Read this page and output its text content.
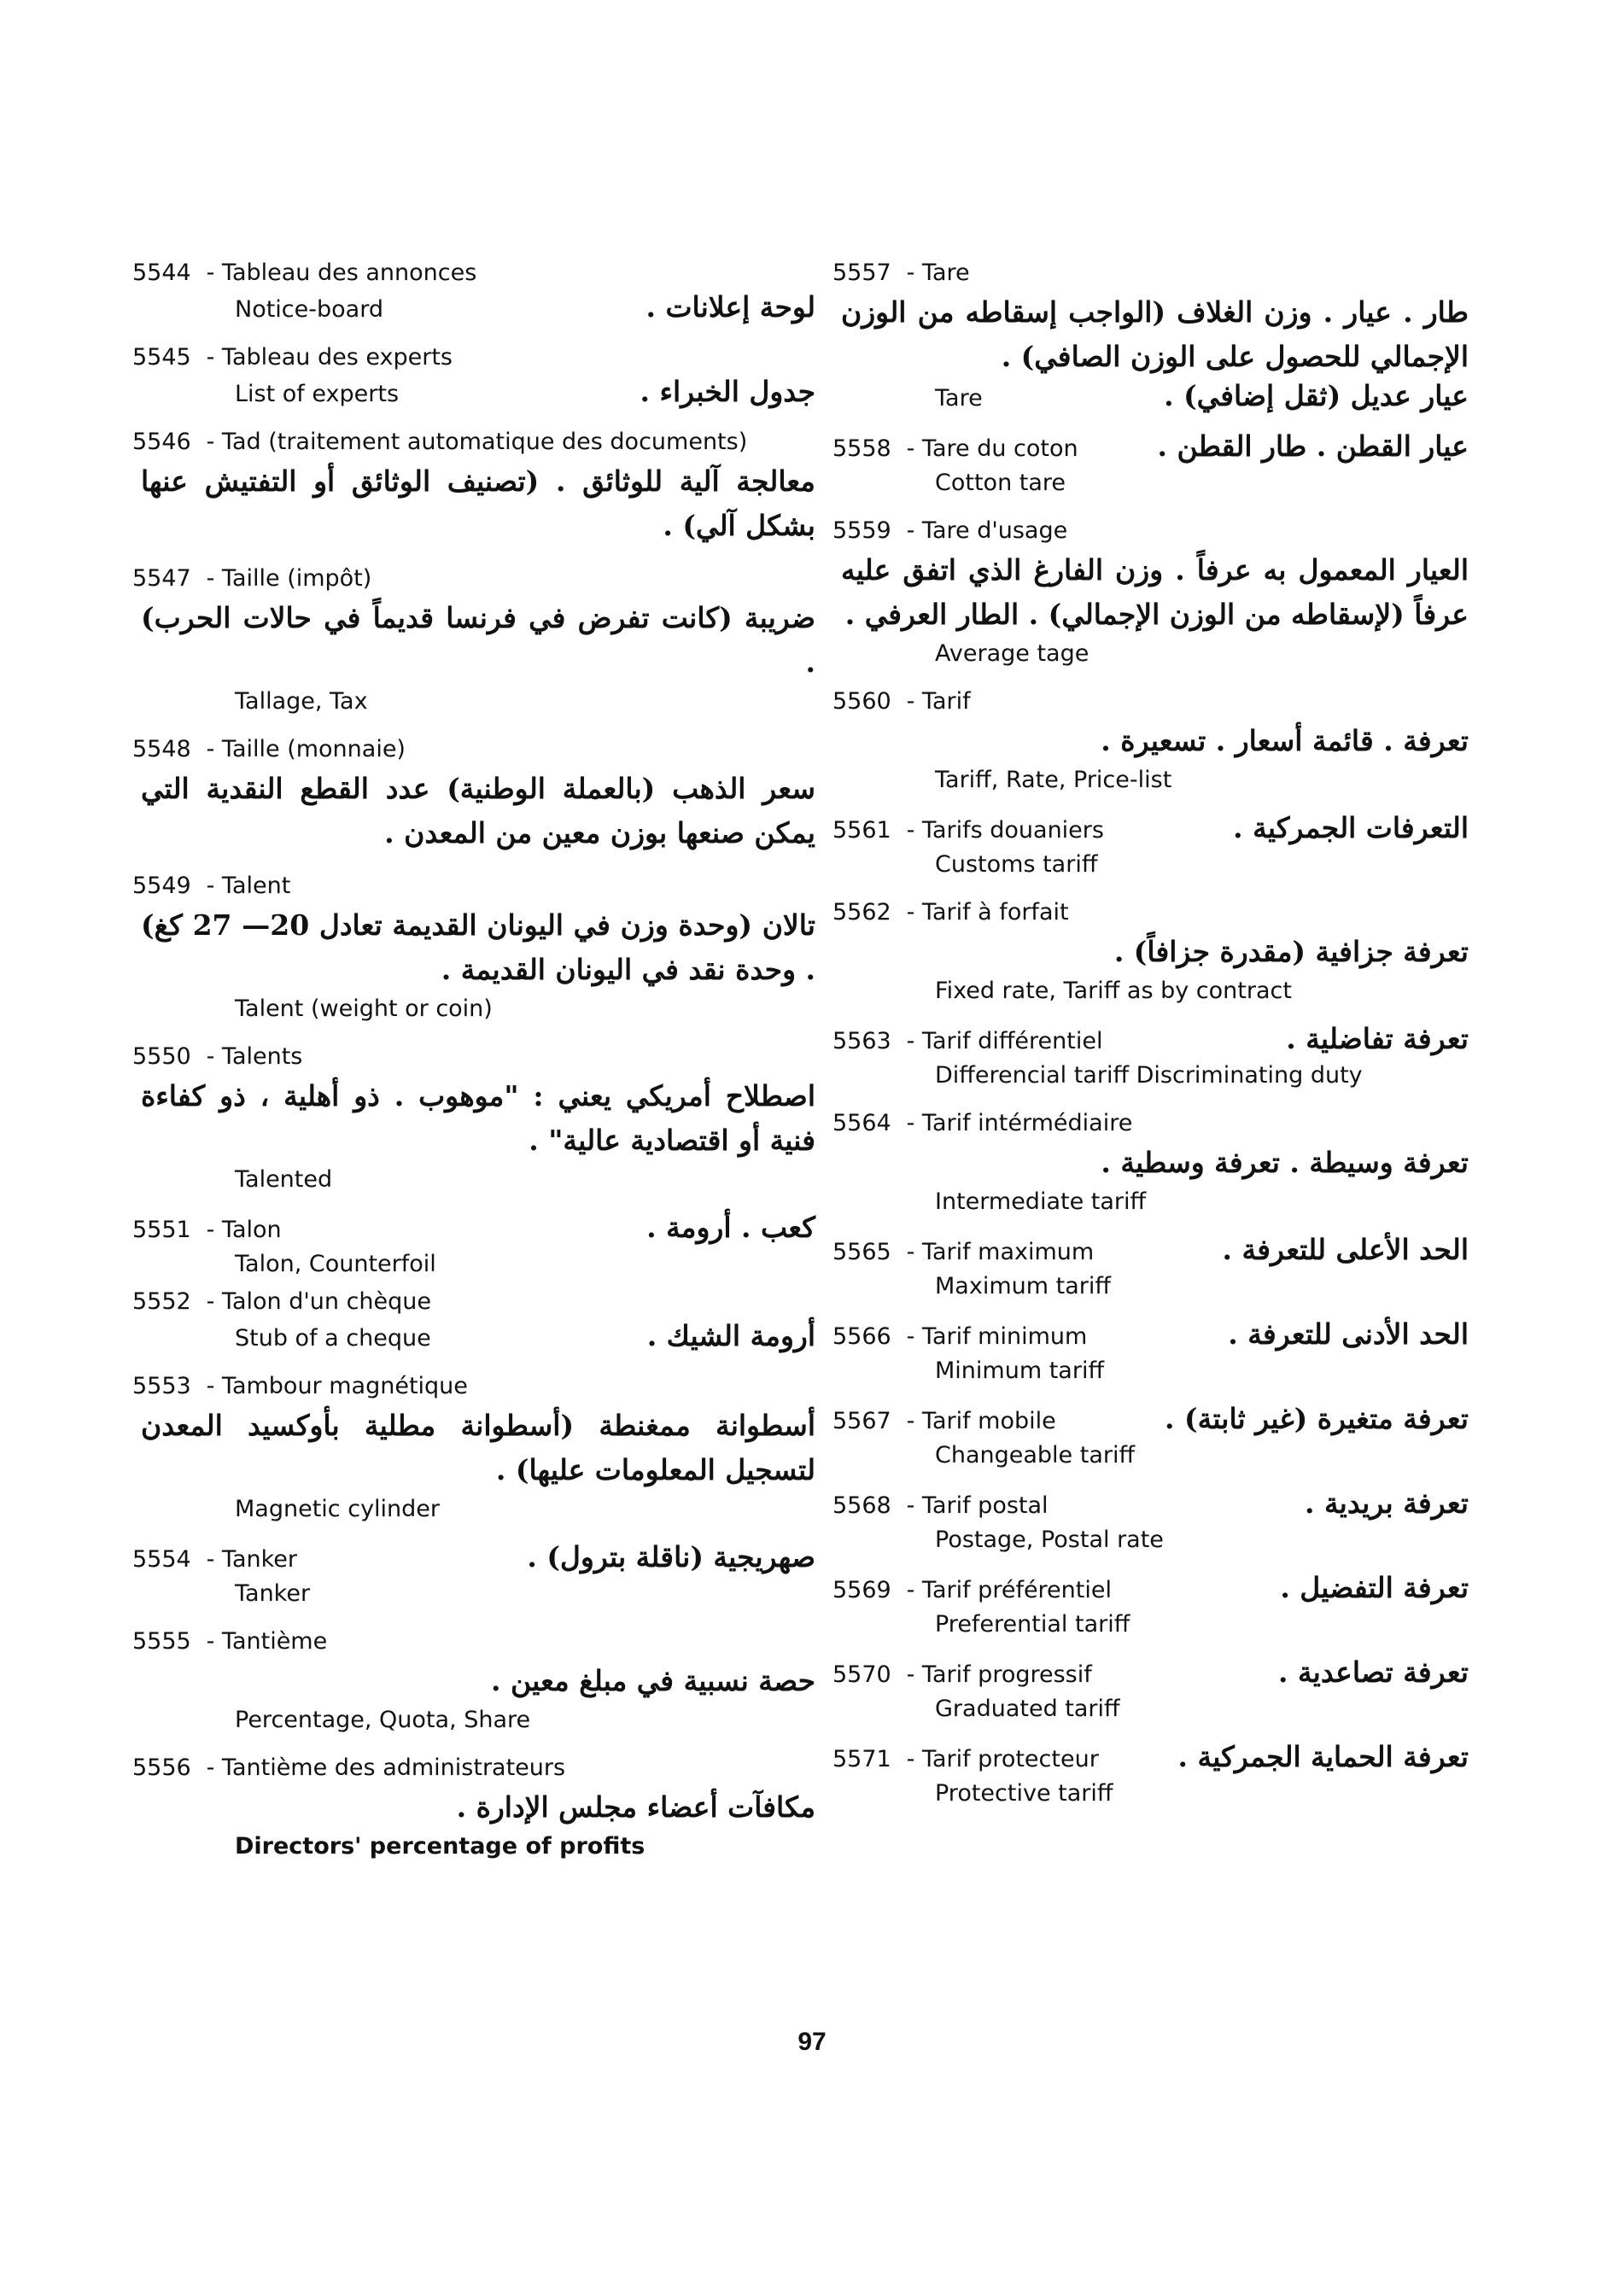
5544 - Tableau des annonces
Notice-board	لوحة إعلانات .
5545 - Tableau des experts
List of experts	جدول الخبراء .
5546 - Tad (traitement automatique des documents)
معالجة آلية للوثائق . (تصنيف الوثائق أو التفتيش عنها بشكل آلي) .
5547 - Taille (impôt)
ضريبة (كانت تفرض في فرنسا قديماً في حالات الحرب) .
Tallage, Tax
5548 - Taille (monnaie)
سعر الذهب (بالعملة الوطنية) عدد القطع النقدية التي يمكن صنعها بوزن معين من المعدن .
5549 - Talent
تالان (وحدة وزن في اليونان القديمة تعادل 20— 27 كغ) . وحدة نقد في اليونان القديمة .
Talent (weight or coin)
5550 - Talents
اصطلاح أمريكي يعني : "موهوب . ذو أهلية ، ذو كفاءة فنية أو اقتصادية عالية" .
Talented
5551 - Talon	كعب . أرومة .
Talon, Counterfoil
5552 - Talon d'un chèque
Stub of a cheque	أرومة الشيك .
5553 - Tambour magnétique
أسطوانة ممغنطة (أسطوانة مطلية بأوكسيد المعدن لتسجيل المعلومات عليها) .
Magnetic cylinder
5554 - Tanker	صهريجية (ناقلة بترول) .
Tanker
5555 - Tantième
حصة نسبية في مبلغ معين .
Percentage, Quota, Share
5556 - Tantième des administrateurs
مكافآت أعضاء مجلس الإدارة .
Directors' percentage of profits
5557 - Tare
طار . عيار . وزن الغلاف (الواجب إسقاطه من الوزن الإجمالي للحصول على الوزن الصافي) .
Tare	عيار عديل (ثقل إضافي) .
5558 - Tare du coton	عيار القطن . طار القطن .
Cotton tare
5559 - Tare d'usage
العيار المعمول به عرفاً . وزن الفارغ الذي اتفق عليه عرفاً (لإسقاطه من الوزن الإجمالي) . الطار العرفي .
Average tage
5560 - Tarif
تعرفة . قائمة أسعار . تسعيرة .
Tariff, Rate, Price-list
5561 - Tarifs douaniers	التعرفات الجمركية .
Customs tariff
5562 - Tarif à forfait
تعرفة جزافية (مقدرة جزافاً) .
Fixed rate, Tariff as by contract
5563 - Tarif différentiel	تعرفة تفاضلية .
Differencial tariff Discriminating duty
5564 - Tarif intérmédiaire
تعرفة وسيطة . تعرفة وسطية .
Intermediate tariff
5565 - Tarif maximum	الحد الأعلى للتعرفة .
Maximum tariff
5566 - Tarif minimum	الحد الأدنى للتعرفة .
Minimum tariff
5567 - Tarif mobile	تعرفة متغيرة (غير ثابتة) .
Changeable tariff
5568 - Tarif postal	تعرفة بريدية .
Postage, Postal rate
5569 - Tarif préférentiel	تعرفة التفضيل .
Preferential tariff
5570 - Tarif progressif	تعرفة تصاعدية .
Graduated tariff
5571 - Tarif protecteur	تعرفة الحماية الجمركية .
Protective tariff
97
